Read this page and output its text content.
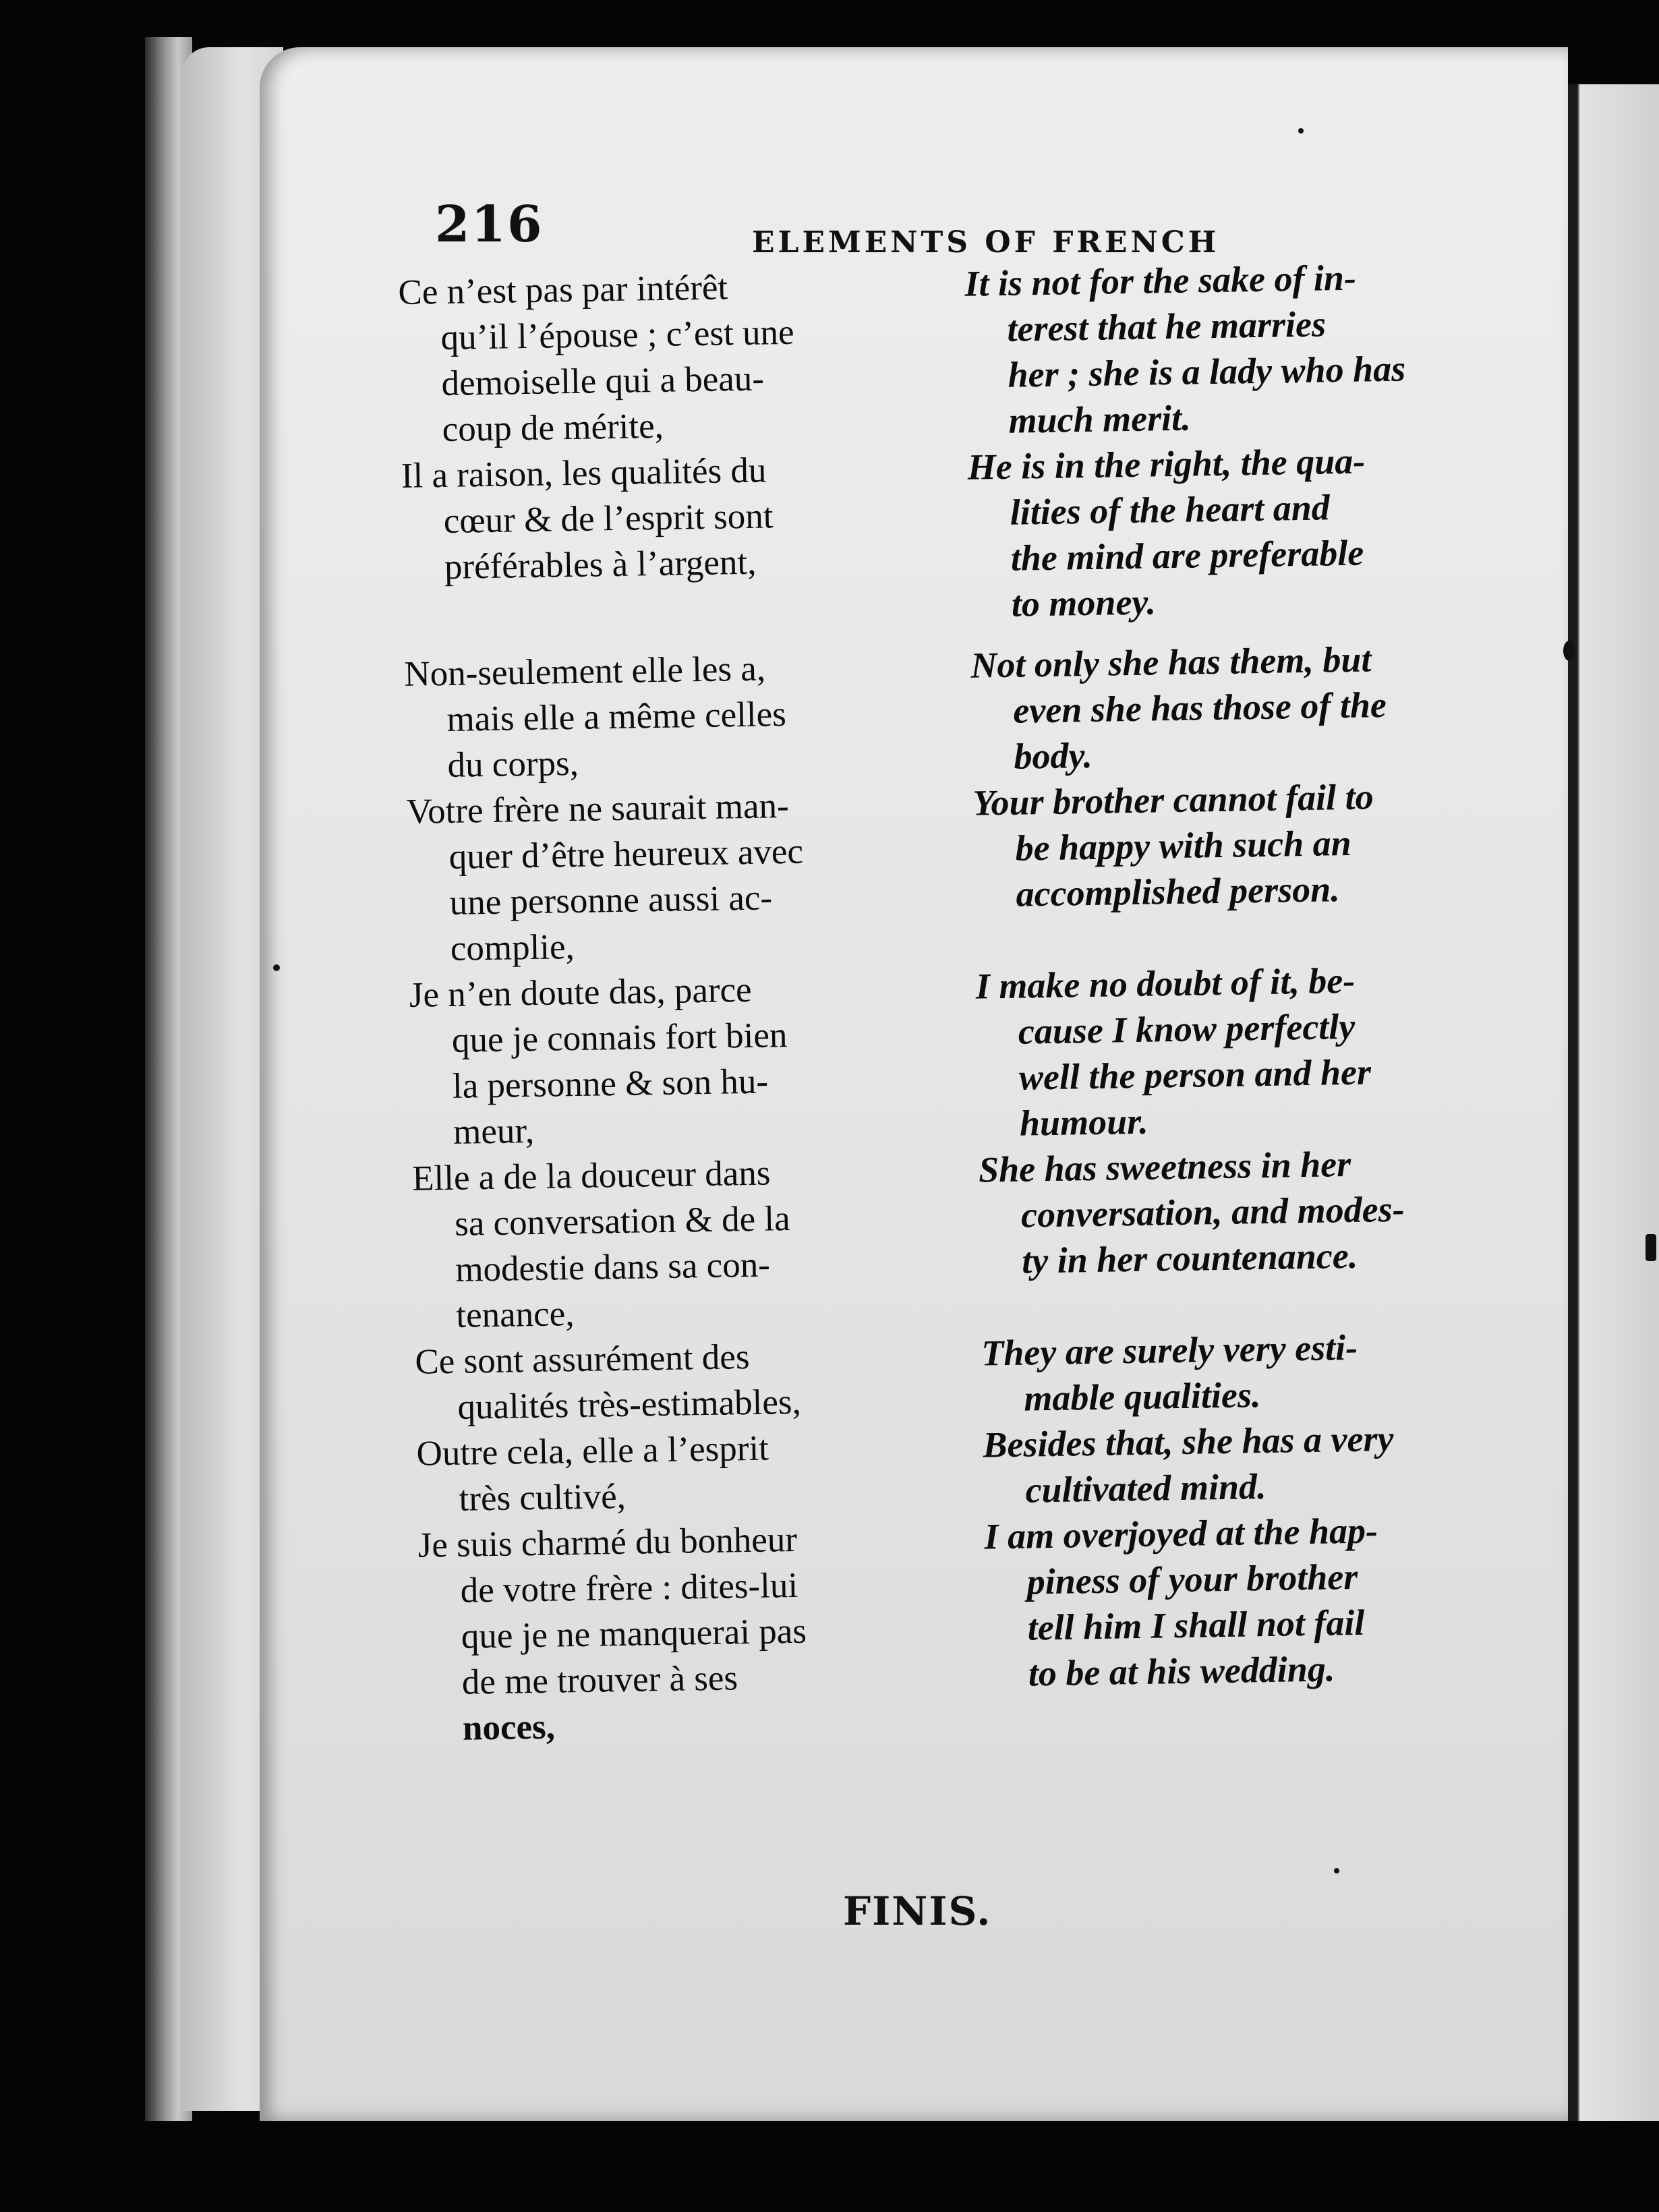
216	ELEMENTS OF FRENCH
Ce n’est pas par intérêt
qu’il l’épouse ; c’est une
demoiselle qui a beau-
coup de mérite,
It is not for the sake of in-
terest that he marries
her ; she is a lady who has
much merit.
Il a raison, les qualités du
cœur & de l’esprit sont
préférables à l’argent,
He is in the right, the qua-
lities of the heart and
the mind are preferable
to money.
Non-seulement elle les a,
mais elle a même celles
du corps,
Not only she has them, but
even she has those of the
body.
Votre frère ne saurait man-
quer d’être heureux avec
une personne aussi ac-
complie,
Your brother cannot fail to
be happy with such an
accomplished person.
Je n’en doute das, parce
que je connais fort bien
la personne & son hu-
meur,
I make no doubt of it, be-
cause I know perfectly
well the person and her
humour.
Elle a de la douceur dans
sa conversation & de la
modestie dans sa con-
tenance,
She has sweetness in her
conversation, and modes-
ty in her countenance.
Ce sont assurément des
qualités très-estimables,
They are surely very esti-
mable qualities.
Outre cela, elle a l’esprit
très cultivé,
Besides that, she has a very
cultivated mind.
Je suis charmé du bonheur
de votre frère : dites-lui
que je ne manquerai pas
de me trouver à ses
noces,
I am overjoyed at the hap-
piness of your brother
tell him I shall not fail
to be at his wedding.
FINIS.
